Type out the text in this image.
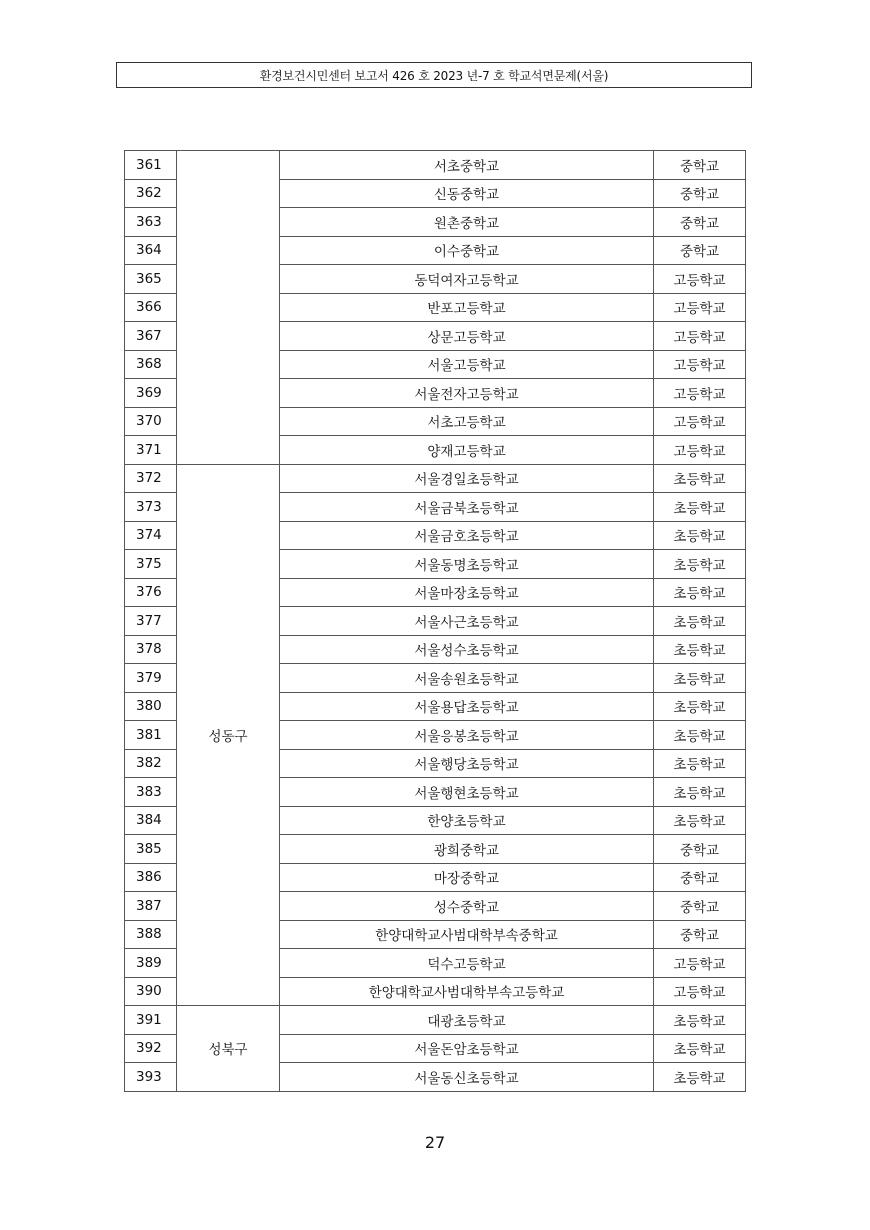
환경보건시민센터 보고서 426 호 2023 년-7 호 학교석면문제(서울)
361		서초중학교	중학교
362		신동중학교	중학교
363		원촌중학교	중학교
364		이수중학교	중학교
365		동덕여자고등학교	고등학교
366		반포고등학교	고등학교
367		상문고등학교	고등학교
368		서울고등학교	고등학교
369		서울전자고등학교	고등학교
370		서초고등학교	고등학교
371		양재고등학교	고등학교
372	성동구	서울경일초등학교	초등학교
373		서울금북초등학교	초등학교
374		서울금호초등학교	초등학교
375		서울동명초등학교	초등학교
376		서울마장초등학교	초등학교
377		서울사근초등학교	초등학교
378		서울성수초등학교	초등학교
379		서울송원초등학교	초등학교
380		서울용답초등학교	초등학교
381		서울응봉초등학교	초등학교
382		서울행당초등학교	초등학교
383		서울행현초등학교	초등학교
384		한양초등학교	초등학교
385		광희중학교	중학교
386		마장중학교	중학교
387		성수중학교	중학교
388		한양대학교사범대학부속중학교	중학교
389		덕수고등학교	고등학교
390		한양대학교사범대학부속고등학교	고등학교
391	성북구	대광초등학교	초등학교
392		서울돈암초등학교	초등학교
393		서울동신초등학교	초등학교
27
